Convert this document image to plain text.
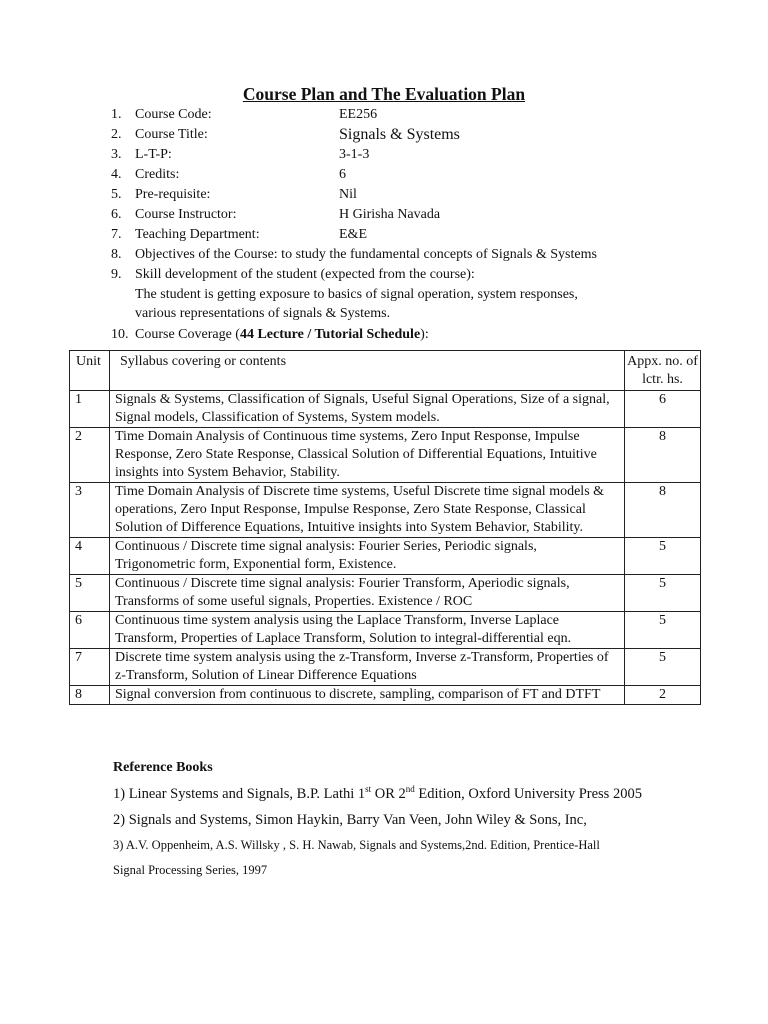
Course Plan and The Evaluation Plan
1. Course Code:	EE256
2. Course Title:	Signals & Systems
3. L-T-P:	3-1-3
4. Credits:	6
5. Pre-requisite:	Nil
6. Course Instructor:	H Girisha Navada
7. Teaching Department:	E&E
8. Objectives of the Course: to study the fundamental concepts of Signals & Systems
9. Skill development of the student (expected from the course):
10. Course Coverage (44 Lecture / Tutorial Schedule):
The student is getting exposure to basics of signal operation, system responses,
various representations of signals & Systems.
Unit	Syllabus covering or contents	Appx. no. of lctr. hs.
1	Signals & Systems, Classification of Signals, Useful Signal Operations, Size of a signal, Signal models, Classification of Systems, System models.	6
2	Time Domain Analysis of Continuous time systems, Zero Input Response, Impulse Response, Zero State Response, Classical Solution of Differential Equations, Intuitive insights into System Behavior, Stability.	8
3	Time Domain Analysis of Discrete time systems, Useful Discrete time signal models & operations, Zero Input Response, Impulse Response, Zero State Response, Classical Solution of Difference Equations, Intuitive insights into System Behavior, Stability.	8
4	Continuous / Discrete time signal analysis: Fourier Series, Periodic signals, Trigonometric form, Exponential form, Existence.	5
5	Continuous / Discrete time signal analysis: Fourier Transform, Aperiodic signals, Transforms of some useful signals, Properties. Existence / ROC	5
6	Continuous time system analysis using the Laplace Transform, Inverse Laplace Transform, Properties of Laplace Transform, Solution to integral-differential eqn.	5
7	Discrete time system analysis using the z-Transform, Inverse z-Transform, Properties of z-Transform, Solution of Linear Difference Equations	5
8	Signal conversion from continuous to discrete, sampling, comparison of FT and DTFT	2
Reference Books
1) Linear Systems and Signals, B.P. Lathi 1st OR 2nd Edition, Oxford University Press 2005
2) Signals and Systems, Simon Haykin, Barry Van Veen, John Wiley & Sons, Inc,
3) A.V. Oppenheim, A.S. Willsky , S. H. Nawab, Signals and Systems,2nd. Edition, Prentice-Hall
Signal Processing Series, 1997
